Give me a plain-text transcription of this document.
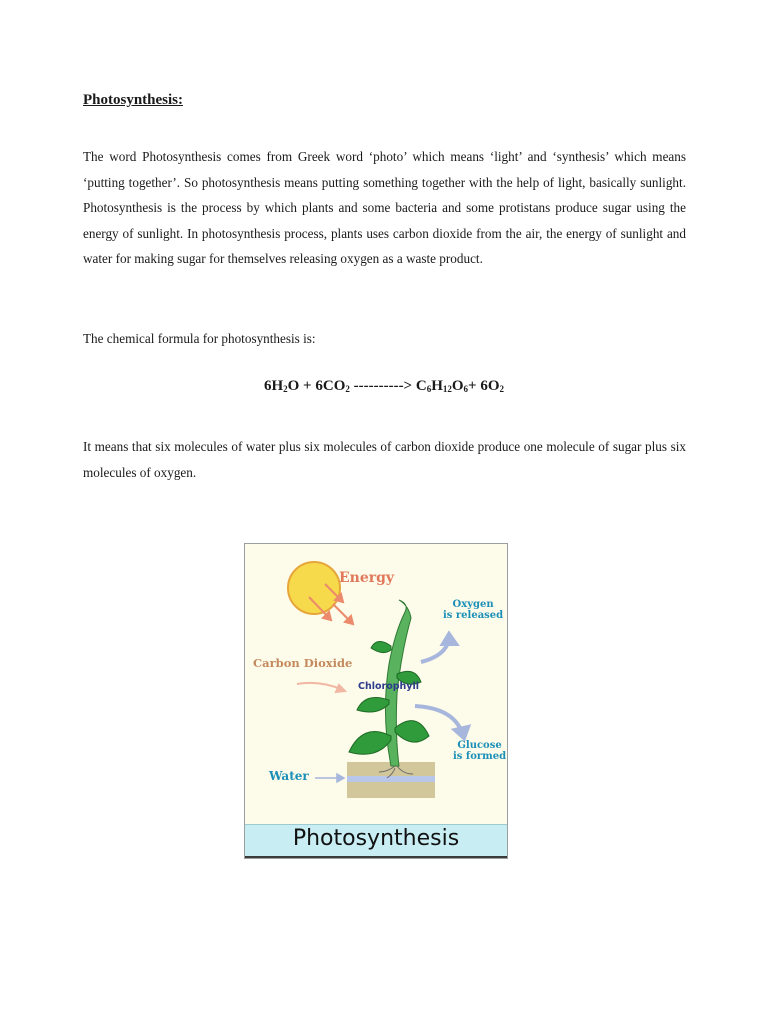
Photosynthesis:

The word Photosynthesis comes from Greek word ‘photo’ which means ‘light’ and ‘synthesis’ which means ‘putting together’. So photosynthesis means putting something together with the help of light, basically sunlight. Photosynthesis is the process by which plants and some bacteria and some protistans produce sugar using the energy of sunlight. In photosynthesis process, plants uses carbon dioxide from the air, the energy of sunlight and water for making sugar for themselves releasing oxygen as a waste product.

The chemical formula for photosynthesis is:

$6H_2O + 6CO_2$ ----------> $C_6H_{12}O_6+ 6O_2$

It means that six molecules of water plus six molecules of carbon dioxide produce one molecule of sugar plus six molecules of oxygen.

Energy
Carbon Dioxide
Water
Chlorophyll
Oxygen
is released
Glucose
is formed
Photosynthesis
